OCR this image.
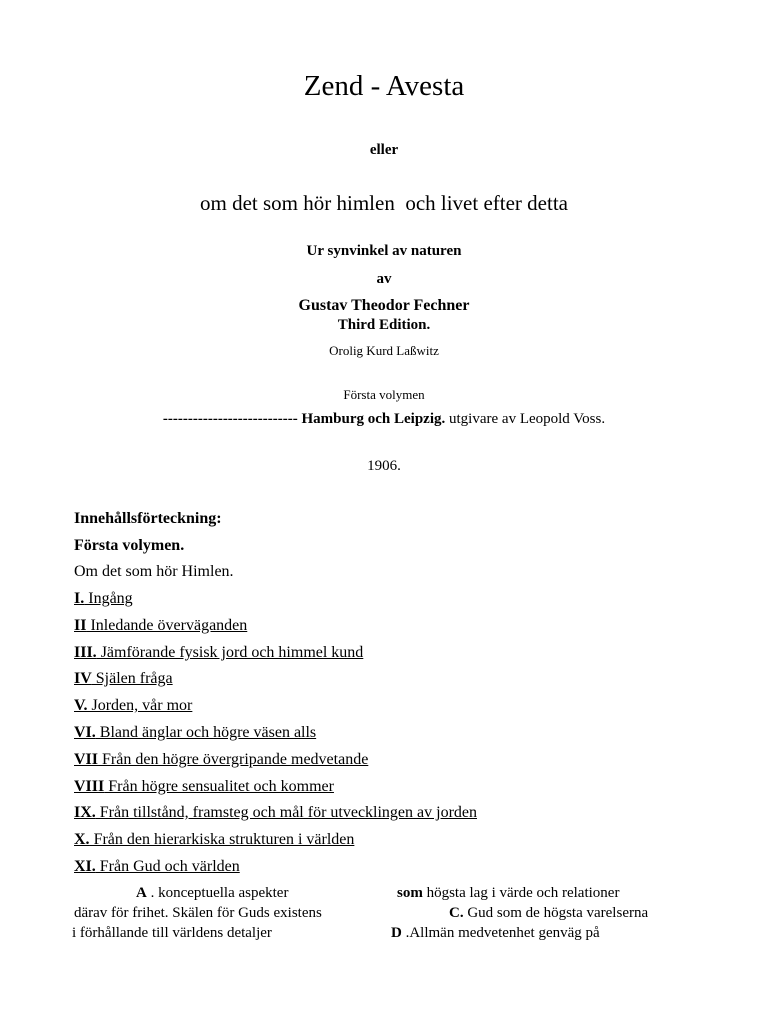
Zend - Avesta
eller
om det som hör himlen  och livet efter detta
Ur synvinkel av naturen
av
Gustav Theodor Fechner
Third Edition.
Orolig Kurd Laßwitz
Första volymen
--------------------------- Hamburg och Leipzig. utgivare av Leopold Voss.
1906.
Innehållsförteckning:
Första volymen.
Om det som hör Himlen.
I. Ingång
II Inledande överväganden
III. Jämförande fysisk jord och himmel kund
IV Själen fråga
V. Jorden, vår mor
VI. Bland änglar och högre väsen alls
VII Från den högre övergripande medvetande
VIII Från högre sensualitet och kommer
IX. Från tillstånd, framsteg och mål för utvecklingen av jorden
X. Från den hierarkiska strukturen i världen
XI. Från Gud och världen
A . konceptuella aspekter	som högsta lag i värde och relationer
därav för frihet. Skälen för Guds existens	C. Gud som de högsta varelserna
i förhållande till världens detaljer	D .Allmän medvetenhet genväg på
